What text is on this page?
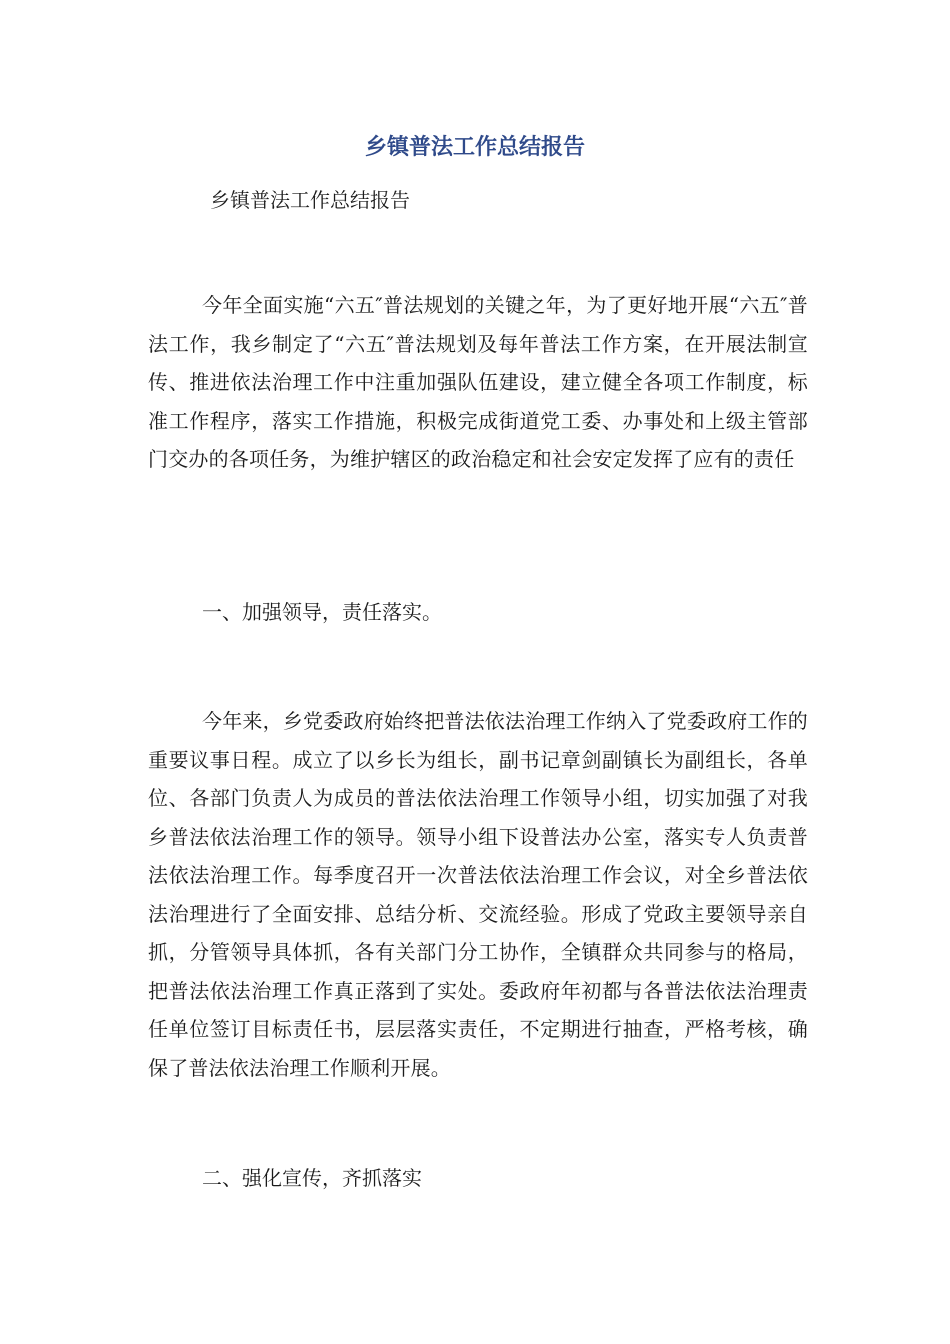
乡镇普法工作总结报告

乡镇普法工作总结报告

今年全面实施“六五″普法规划的关键之年，为了更好地开展“六五″普法工作，我乡制定了“六五″普法规划及每年普法工作方案，在开展法制宣传、推进依法治理工作中注重加强队伍建设，建立健全各项工作制度，标准工作程序，落实工作措施，积极完成街道党工委、办事处和上级主管部门交办的各项任务，为维护辖区的政治稳定和社会安定发挥了应有的责任

一、加强领导，责任落实。

今年来，乡党委政府始终把普法依法治理工作纳入了党委政府工作的重要议事日程。成立了以乡长为组长，副书记章剑副镇长为副组长，各单位、各部门负责人为成员的普法依法治理工作领导小组，切实加强了对我乡普法依法治理工作的领导。领导小组下设普法办公室，落实专人负责普法依法治理工作。每季度召开一次普法依法治理工作会议，对全乡普法依法治理进行了全面安排、总结分析、交流经验。形成了党政主要领导亲自抓，分管领导具体抓，各有关部门分工协作，全镇群众共同参与的格局，把普法依法治理工作真正落到了实处。委政府年初都与各普法依法治理责任单位签订目标责任书，层层落实责任，不定期进行抽查，严格考核，确保了普法依法治理工作顺利开展。

二、强化宣传，齐抓落实
